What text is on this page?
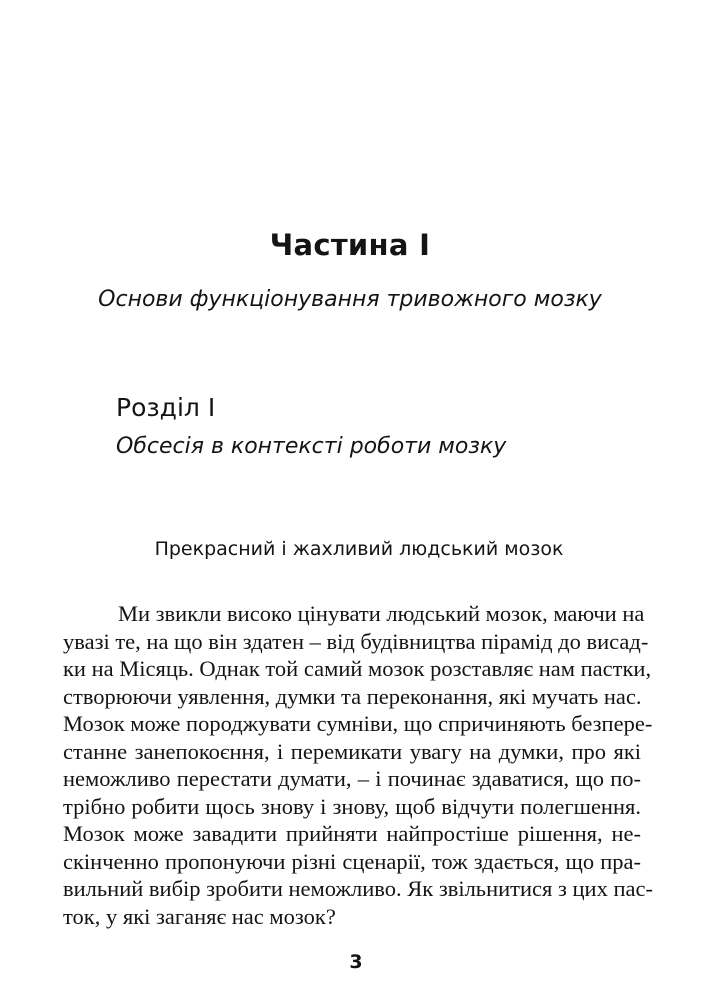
Частина I
Основи функціонування тривожного мозку
Розділ I
Обсесія в контексті роботи мозку
Прекрасний і жахливий людський мозок
Ми звикли високо цінувати людський мозок, маючи на
увазі те, на що він здатен – від будівництва пірамід до висад-
ки на Місяць. Однак той самий мозок розставляє нам пастки,
створюючи уявлення, думки та переконання, які мучать нас.
Мозок може породжувати сумніви, що спричиняють безпере-
станне занепокоєння, і перемикати увагу на думки, про які
неможливо перестати думати, – і починає здаватися, що по-
трібно робити щось знову і знову, щоб відчути полегшення.
Мозок може завадити прийняти найпростіше рішення, не-
скінченно пропонуючи різні сценарії, тож здається, що пра-
вильний вибір зробити неможливо. Як звільнитися з цих пас-
ток, у які заганяє нас мозок?
3
